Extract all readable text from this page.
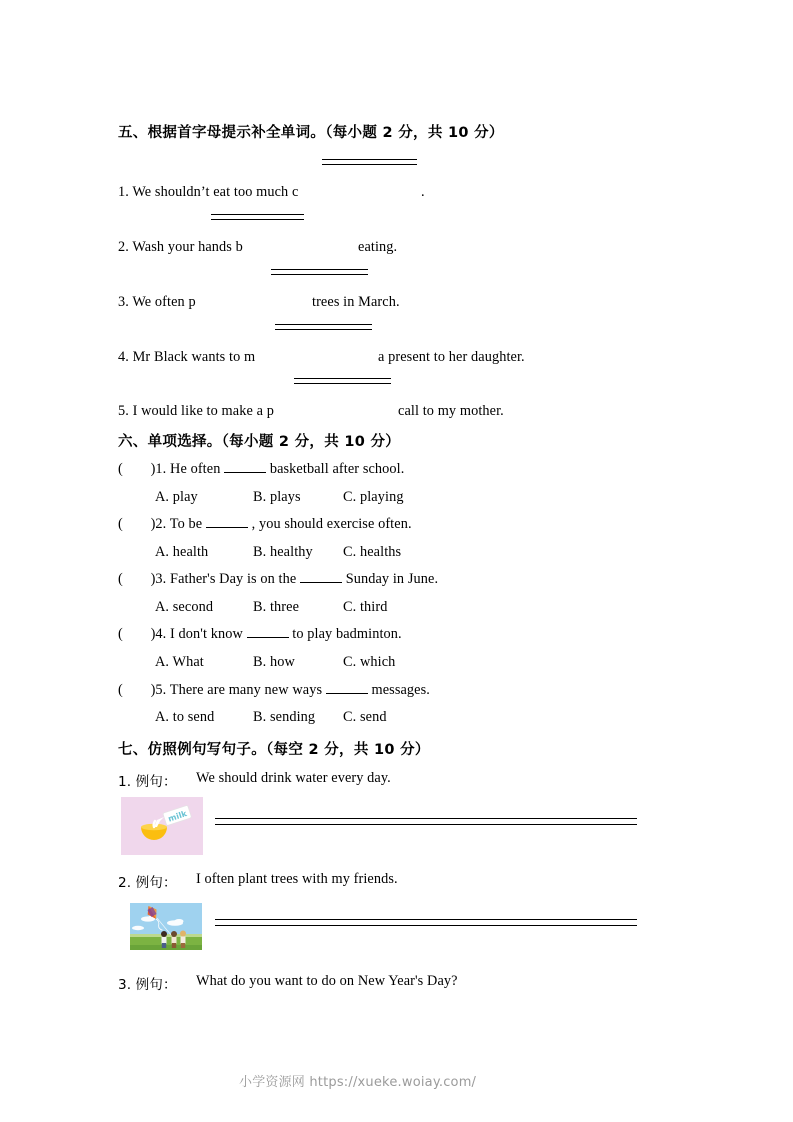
五、根据首字母提示补全单词。（每小题 2 分，共 10 分）
1. We shouldn’t eat too much c	.
2. Wash your hands b	eating.
3. We often p	trees in March.
4. Mr Black wants to m	a present to her daughter.
5. I would like to make a p	call to my mother.
六、单项选择。（每小题 2 分，共 10 分）
( )1. He often	basketball after school.
A. play	B. plays	C. playing
( )2. To be	, you should exercise often.
A. health	B. healthy C. healths
( )3. Father's Day is on the	Sunday in June.
A. second	B. three	C. third
( )4. I don't know	to play badminton.
A. What	B. how	C. which
( )5. There are many new ways	messages.
A. to send	B. sending C. send
七、仿照例句写句子。（每空 2 分，共 10 分）
1. 例句： We should drink water every day.
milk
2. 例句： I often plant trees with my friends.
3. 例句： What do you want to do on New Year's Day?
小学资源网 https://xueke.woiay.com/
